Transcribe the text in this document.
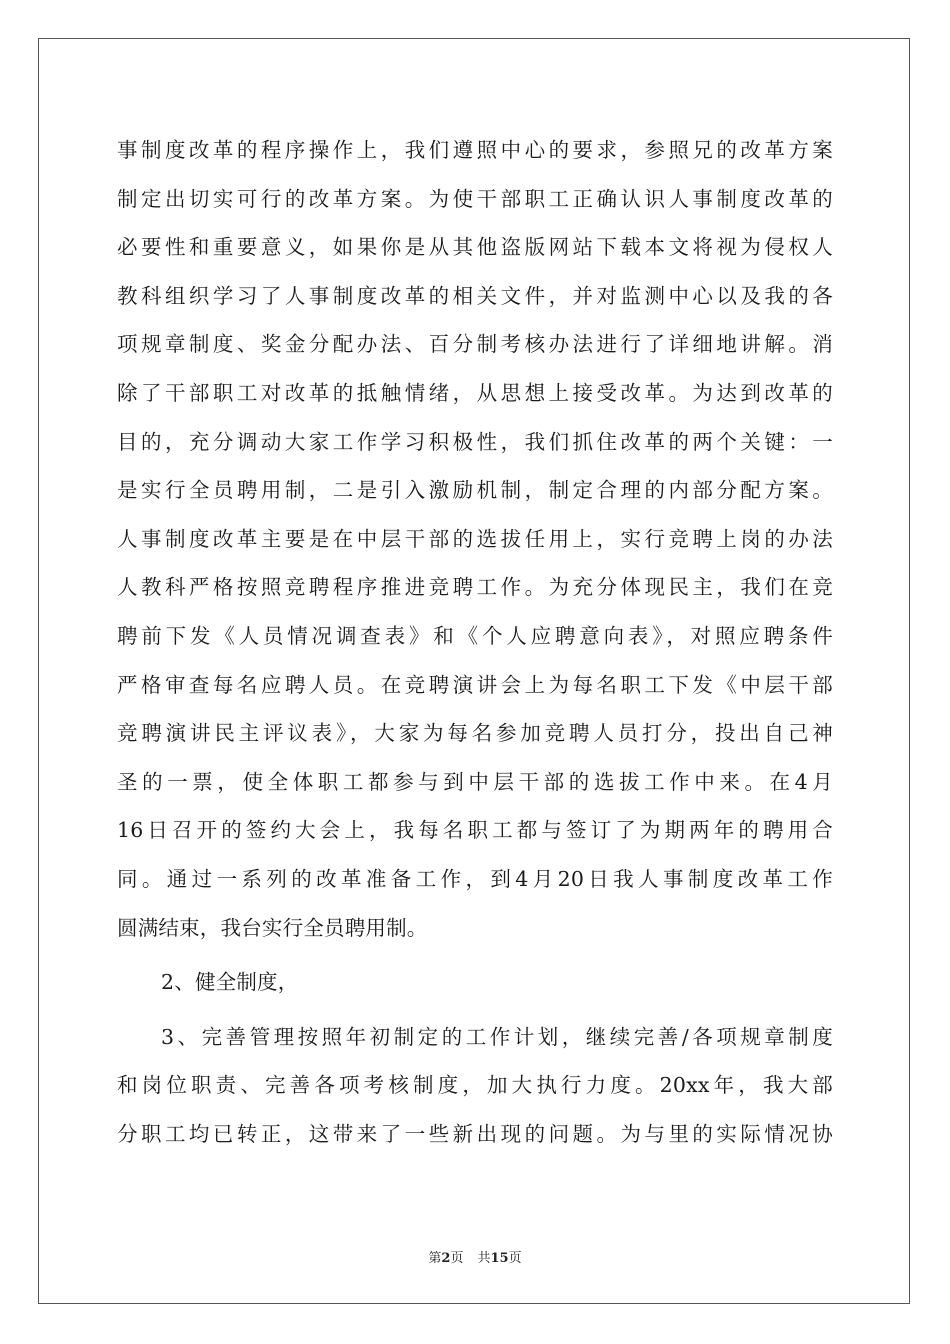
事制度改革的程序操作上，我们遵照中心的要求，参照兄的改革方案
制定出切实可行的改革方案。为使干部职工正确认识人事制度改革的
必要性和重要意义，如果你是从其他盗版网站下载本文将视为侵权人
教科组织学习了人事制度改革的相关文件，并对监测中心以及我的各
项规章制度、奖金分配办法、百分制考核办法进行了详细地讲解。消
除了干部职工对改革的抵触情绪，从思想上接受改革。为达到改革的
目的，充分调动大家工作学习积极性，我们抓住改革的两个关键：一
是实行全员聘用制，二是引入激励机制，制定合理的内部分配方案。
人事制度改革主要是在中层干部的选拔任用上，实行竞聘上岗的办法
人教科严格按照竞聘程序推进竞聘工作。为充分体现民主，我们在竞
聘前下发《人员情况调查表》和《个人应聘意向表》，对照应聘条件
严格审查每名应聘人员。在竞聘演讲会上为每名职工下发《中层干部
竞聘演讲民主评议表》，大家为每名参加竞聘人员打分，投出自己神
圣的一票，使全体职工都参与到中层干部的选拔工作中来。在4月
16日召开的签约大会上，我每名职工都与签订了为期两年的聘用合
同。通过一系列的改革准备工作，到4月20日我人事制度改革工作
圆满结束，我台实行全员聘用制。
2、健全制度，
3、完善管理按照年初制定的工作计划，继续完善/各项规章制度
和岗位职责、完善各项考核制度，加大执行力度。20xx年，我大部
分职工均已转正，这带来了一些新出现的问题。为与里的实际情况协
第2页 共15页
